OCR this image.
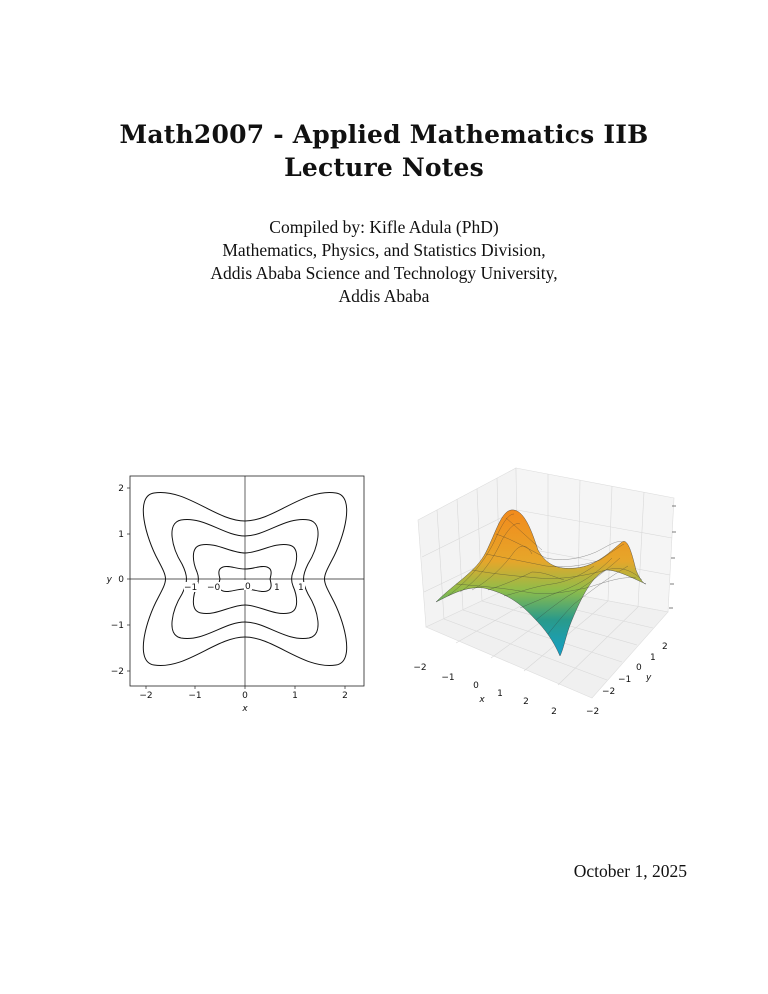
Math2007 - Applied Mathematics IIB
Lecture Notes
Compiled by: Kifle Adula (PhD)
Mathematics, Physics, and Statistics Division,
Addis Ababa Science and Technology University,
Addis Ababa
−1 −0	0	1 1
−2	−1	0	1	2
x
2
1
0
−1
−2
y
−2
−1
0
1
2
2
x
2
1
0
−1
−2
−2
y
October 1, 2025
